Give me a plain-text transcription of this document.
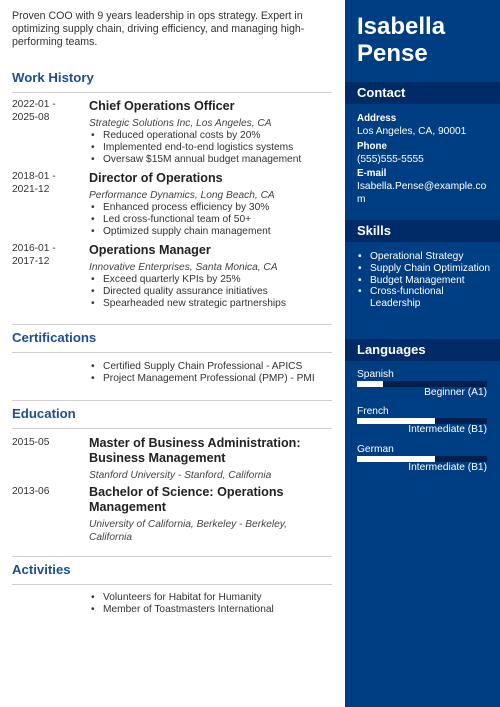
Proven COO with 9 years leadership in ops strategy. Expert in optimizing supply chain, driving efficiency, and managing high-performing teams.

Work History
2022-01 - 2025-08
Chief Operations Officer
Strategic Solutions Inc, Los Angeles, CA
• Reduced operational costs by 20%
• Implemented end-to-end logistics systems
• Oversaw $15M annual budget management
2018-01 - 2021-12
Director of Operations
Performance Dynamics, Long Beach, CA
• Enhanced process efficiency by 30%
• Led cross-functional team of 50+
• Optimized supply chain management
2016-01 - 2017-12
Operations Manager
Innovative Enterprises, Santa Monica, CA
• Exceed quarterly KPIs by 25%
• Directed quality assurance initiatives
• Spearheaded new strategic partnerships
Certifications
• Certified Supply Chain Professional - APICS
• Project Management Professional (PMP) - PMI
Education
2015-05	Master of Business Administration: Business Management
Stanford University - Stanford, California
2013-06	Bachelor of Science: Operations Management
University of California, Berkeley - Berkeley, California
Activities
• Volunteers for Habitat for Humanity
• Member of Toastmasters International
Isabella
Pense
Contact
Address
Los Angeles, CA, 90001
Phone
(555)555-5555
E-mail
Isabella.Pense@example.com
Skills
• Operational Strategy
• Supply Chain Optimization
• Budget Management
• Cross-functional Leadership
Languages
Spanish
Beginner (A1)
French
Intermediate (B1)
German
Intermediate (B1)
